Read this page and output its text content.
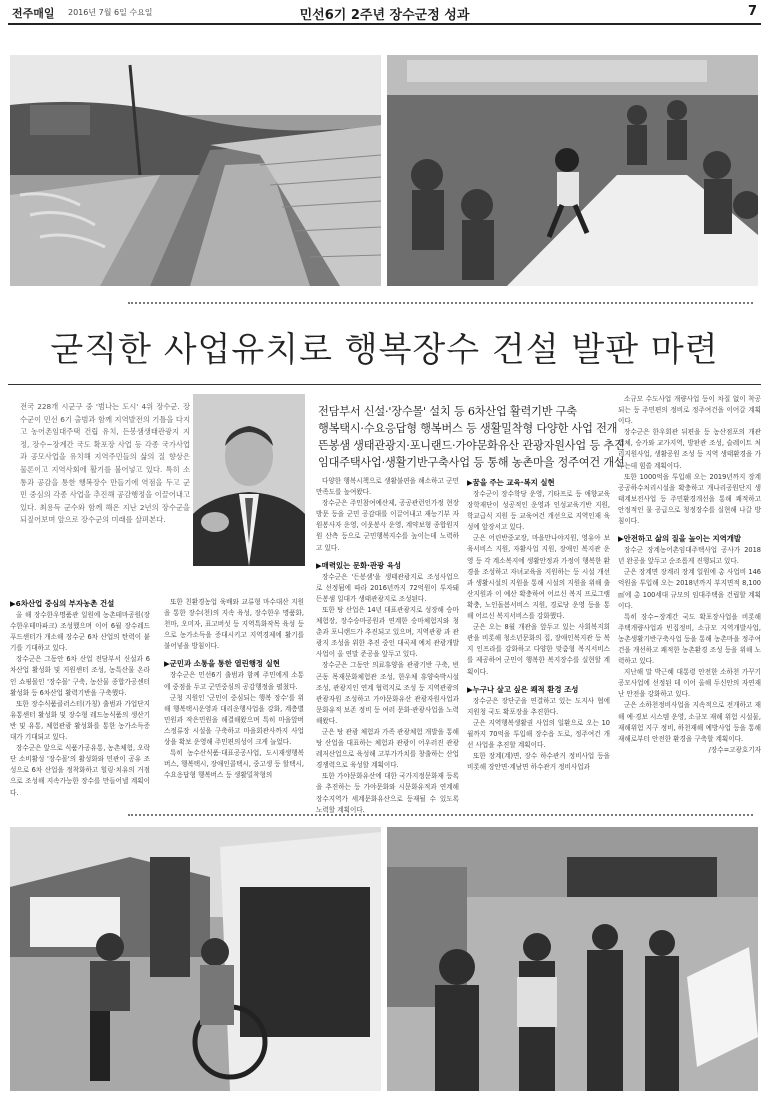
전주매일 2016년 7월 6일 수요일	민선6기 2주년 장수군정 성과	7
굳직한 사업유치로 행복장수 건설 발판 마련
전국 228개 시군구 중 '범나는 도시' 4위 장수군. 장수군이 민선 6기 출범과 함께 지역발전의 기틀을 다지고 농어촌임대주택 건립 유치, 든봉샘생태관광지 지정, 장수~장계간 국도 확포장 사업 등 각종 국가사업과 공모사업을 유치해 지역주민들의 삶의 질 향상은 물론이고 지역사회에 활기를 불어넣고 있다. 특히 소통과 공감을 통한 행복장수 만들기에 역점을 두고 군민 중심의 각종 사업을 추진해 공감행정을 이끌어내고 있다. 최용득 군수와 함께 해온 지난 2년의 장수군을 되짚어보며 앞으로 장수군의 미래를 살펴본다.
전담부서 신설·'장수몰' 설치 등 6차산업 활력기반 구축
행복택시·수요응답형 행복버스 등 생활밀착형 다양한 사업 전개
뜬봉샘 생태관광지·포니랜드·가야문화유산 관광자원사업 등 추진
임대주택사업·생활기반구축사업 등 통해 농촌마을 정주여건 개선
▶6차산업 중심의 부자농촌 건설

올 해 장수한우명품관 일원에 농촌테마공원(장수한우테마파크) 조성했으며 이어 6월 장수레드푸드센터가 개소해 장수군 6차 산업의 탄력이 붙기를 기대하고 있다.

장수군은 그동안 6차 산업 전담부서 신설과 6차산업 활성화 및 지원센터 조성, 농특산물 온라인 쇼핑몰인 '장수몰' 구축, 농산물 종합가공센터 활성화 등 6차산업 활력기반을 구축했다.

또한 장수식품클러스터(가칭) 출범과 가업단지 유통센터 활성화 및 장수형 레드농식품의 생산기반 및 유통, 체험관광 활성화를 통한 농가소득증대가 기대되고 있다.

장수군은 앞으로 식품가공유통, 농촌체험, 오락단 소비활성 '장수몰'의 활성화와 민관이 공유 조성으로 6차 산업을 정착화하고 힐링·치유의 거점으로 조성해 지속가능한 장수를 만들어낼 계획이다.

또한 친환경농업 육배와 교류형 마수대산 지원을 통한 장수(천)의 지속 육성, 장수한우 명품화, 천마, 오미자, 표고버섯 등 지역특화작목 육성 등으로 농가소득을 증대시키고 지역경제에 활기를 불어넣을 방침이다.

▶군민과 소통을 통한 열린행정 실현

장수군은 민선6기 출범과 함께 주민에게 소통에 중점을 두고 군민중심의 공감행정을 펼쳤다.

군청 지원인 '군민이 중심되는 행복 장수'를 위해 행복택시운영과 대리운행사업을 강화, 계층별민원과 작은민원을 해결해왔으며 특히 마을앞버스정류장 시설을 구축하고 마을회관사까지 사업상을 확보 운영해 주민편의성이 크게 늘었다.

특히 농수산식품·대표공공사업, 도시재생행복버스, 행복택시, 장애인콜택시, 중고생 등 할택시, 수요응답형 행복버스 등 생활밀착형의

다양한 행복시책으로 생활불편을 해소하고 군민 만족도를 높여왔다.

장수군은 주민참여예산제, 공공관런인가정 현장 방문 등을 군민 공감대를 이끌어내고 재능기부 자원봉사자 운영, 이웃봉사 운영, 계약보형 종합원지원 산측 등으로 군민행복지수를 높이는데 노력하고 있다.

▶매력있는 문화·관광 육성

장수군은 '든봉샘'을 생태관광지로 조성사업으로 선정됨에 따라 2016년까지 72억원이 투자돼 든봉샘 일대가 생태관광지로 조성된다.

또한 탕 산업은 14년 대표관광지로 성장해 승마체험장, 장수승마공원과 연계한 승마체험지와 청춘과 포니랜드가 추진되고 있으며, 지역관광 과 관광지 조성을 위한 추진 중인 대곡제 예치 관광개발사업이 올 연말 준공을 앞두고 있다.

장수군은 그동안 의료휴양을 관광기반 구축, 빈곤동 목재문화체험관 조성, 한우체 휴양숙박시설 조성, 관광지인 연계 협력지로 조성 등 지역관광의 관광자원 조성하고 가야문화유산 관광자원사업과 문화유적 보존 정비 등 여러 문화·관광사업을 노력해왔다.

군은 탕 관광 체험과 가족 관광체험 개발을 통해 탕 산업을 대표하는 체험과 관광이 어우러진 관광레저산업으로 육성해 고부가가치를 창출하는 산업경쟁력으로 육성할 계획이다.

또한 가야문화유산에 대한 국가지정문화재 등록을 추진하는 등 가야문화와 시문화유적과 연계해 장수지역가 세계문화유산으로 등재될 수 있도록 노력할 계획이다.

▶꿈을 주는 교육·복지 실현

장수군이 장수학당 운영, 기타프로 등 애향교육장학재단이 성공적인 운영과 인성교육기반 지원, 학교급식 지원 등 교육여건 개선으로 지역인재 육성에 앞장서고 있다.

군은 어린반중교장, 마을만나야지원, 영유아 보육서비스 지원, 자활사업 지원, 장애인 복지관 운영 등 각 계소복지에 생활안정과 가정이 행복한 환경을 조성하고 자녀교육을 지원하는 등 시설 개선과 생활시설의 지원을 통해 시설의 지원을 위해 출산지원과 이 예산 확충하여 어르신 복지 프로그램 확충, 노인돌봄서비스 지원, 경로당 운영 등을 통해 어르신 복지서비스를 강화했다.

군은 오는 8월 개관을 앞두고 있는 사회복지회관을 비롯해 청소년문화의 집, 장애인복지관 등 복지 인프라를 강화하고 다양한 맞춤형 복지서비스를 제공하여 군민이 행복한 복지장수를 실현할 계획이다.

▶누구나 살고 싶은 쾌적 환경 조성

장수군은 장단군을 연결하고 있는 도지사 협에 지원청 국도 확포장을 추진한다.

군은 지역행복생활권 사업의 일환으로 오는 10월까지 70억을 투입해 장수읍 도로, 정주여건 개선 사업을 추진할 계획이다.

또한 장계(계)면, 장수 하수관거 정비사업 등을 비롯해 장안면·계남면 하수관거 정비사업과

소규모 수도사업 개량사업 등이 차질 없이 착공되는 등 주민편의 정비로 정주여건을 이어갈 계획이다.

장수군은 한우회관 뒤편을 등 농산점포의 개관업체, 승가와 교가지역, 방판관 조성, 슬레이트 처리지원사업, 생활공원 조성 등 지역 생태환경을 가꾸는데 힘쓸 계획이다.

또한 1000억을 투입해 오는 2019년까지 장계 공공하수처리시설을 확충하고 개나리공원단지 생태계보전사업 등 주민환경개선을 통해 쾌적하고 안정적인 물 공급으로 청정장수를 실현해 나갈 방침이다.

▶안전하고 삶의 질을 높이는 지역개발

장수군 장계농어촌임대주택사업 공사가 2018년 완공을 앞두고 순조롭게 진행되고 있다.

군은 장계면 장계리 장계 일원에 총 사업비 146억원을 투입해 오는 2018년까지 부지면적 8,100㎡에 총 100세대 규모의 임대주택을 건립할 계획이다.

특히 장수~장계간 국도 확포장사업을 비롯해 주택개량사업과 빈집정비, 소규모 지역개발사업, 농촌생활기반구축사업 등을 통해 농촌마을 정주여건을 개선하고 쾌적한 농촌환경 조성 등을 위해 노력하고 있다.

지난해 말 박근혜 대통령 안전한 소하천 가꾸기 공모사업에 선정된 데 이어 올해 두신안의 자연재난 안전을 강화하고 있다.

군은 소하천정비사업을 지속적으로 전개하고 재해 예·경보 시스템 운영, 소규모 재해 위험 시설물, 재해위험 지구 정비, 하천재해 예방사업 등을 통해 재해로부터 안전한 환경을 구축할 계획이다.

/장수=고광호기자
